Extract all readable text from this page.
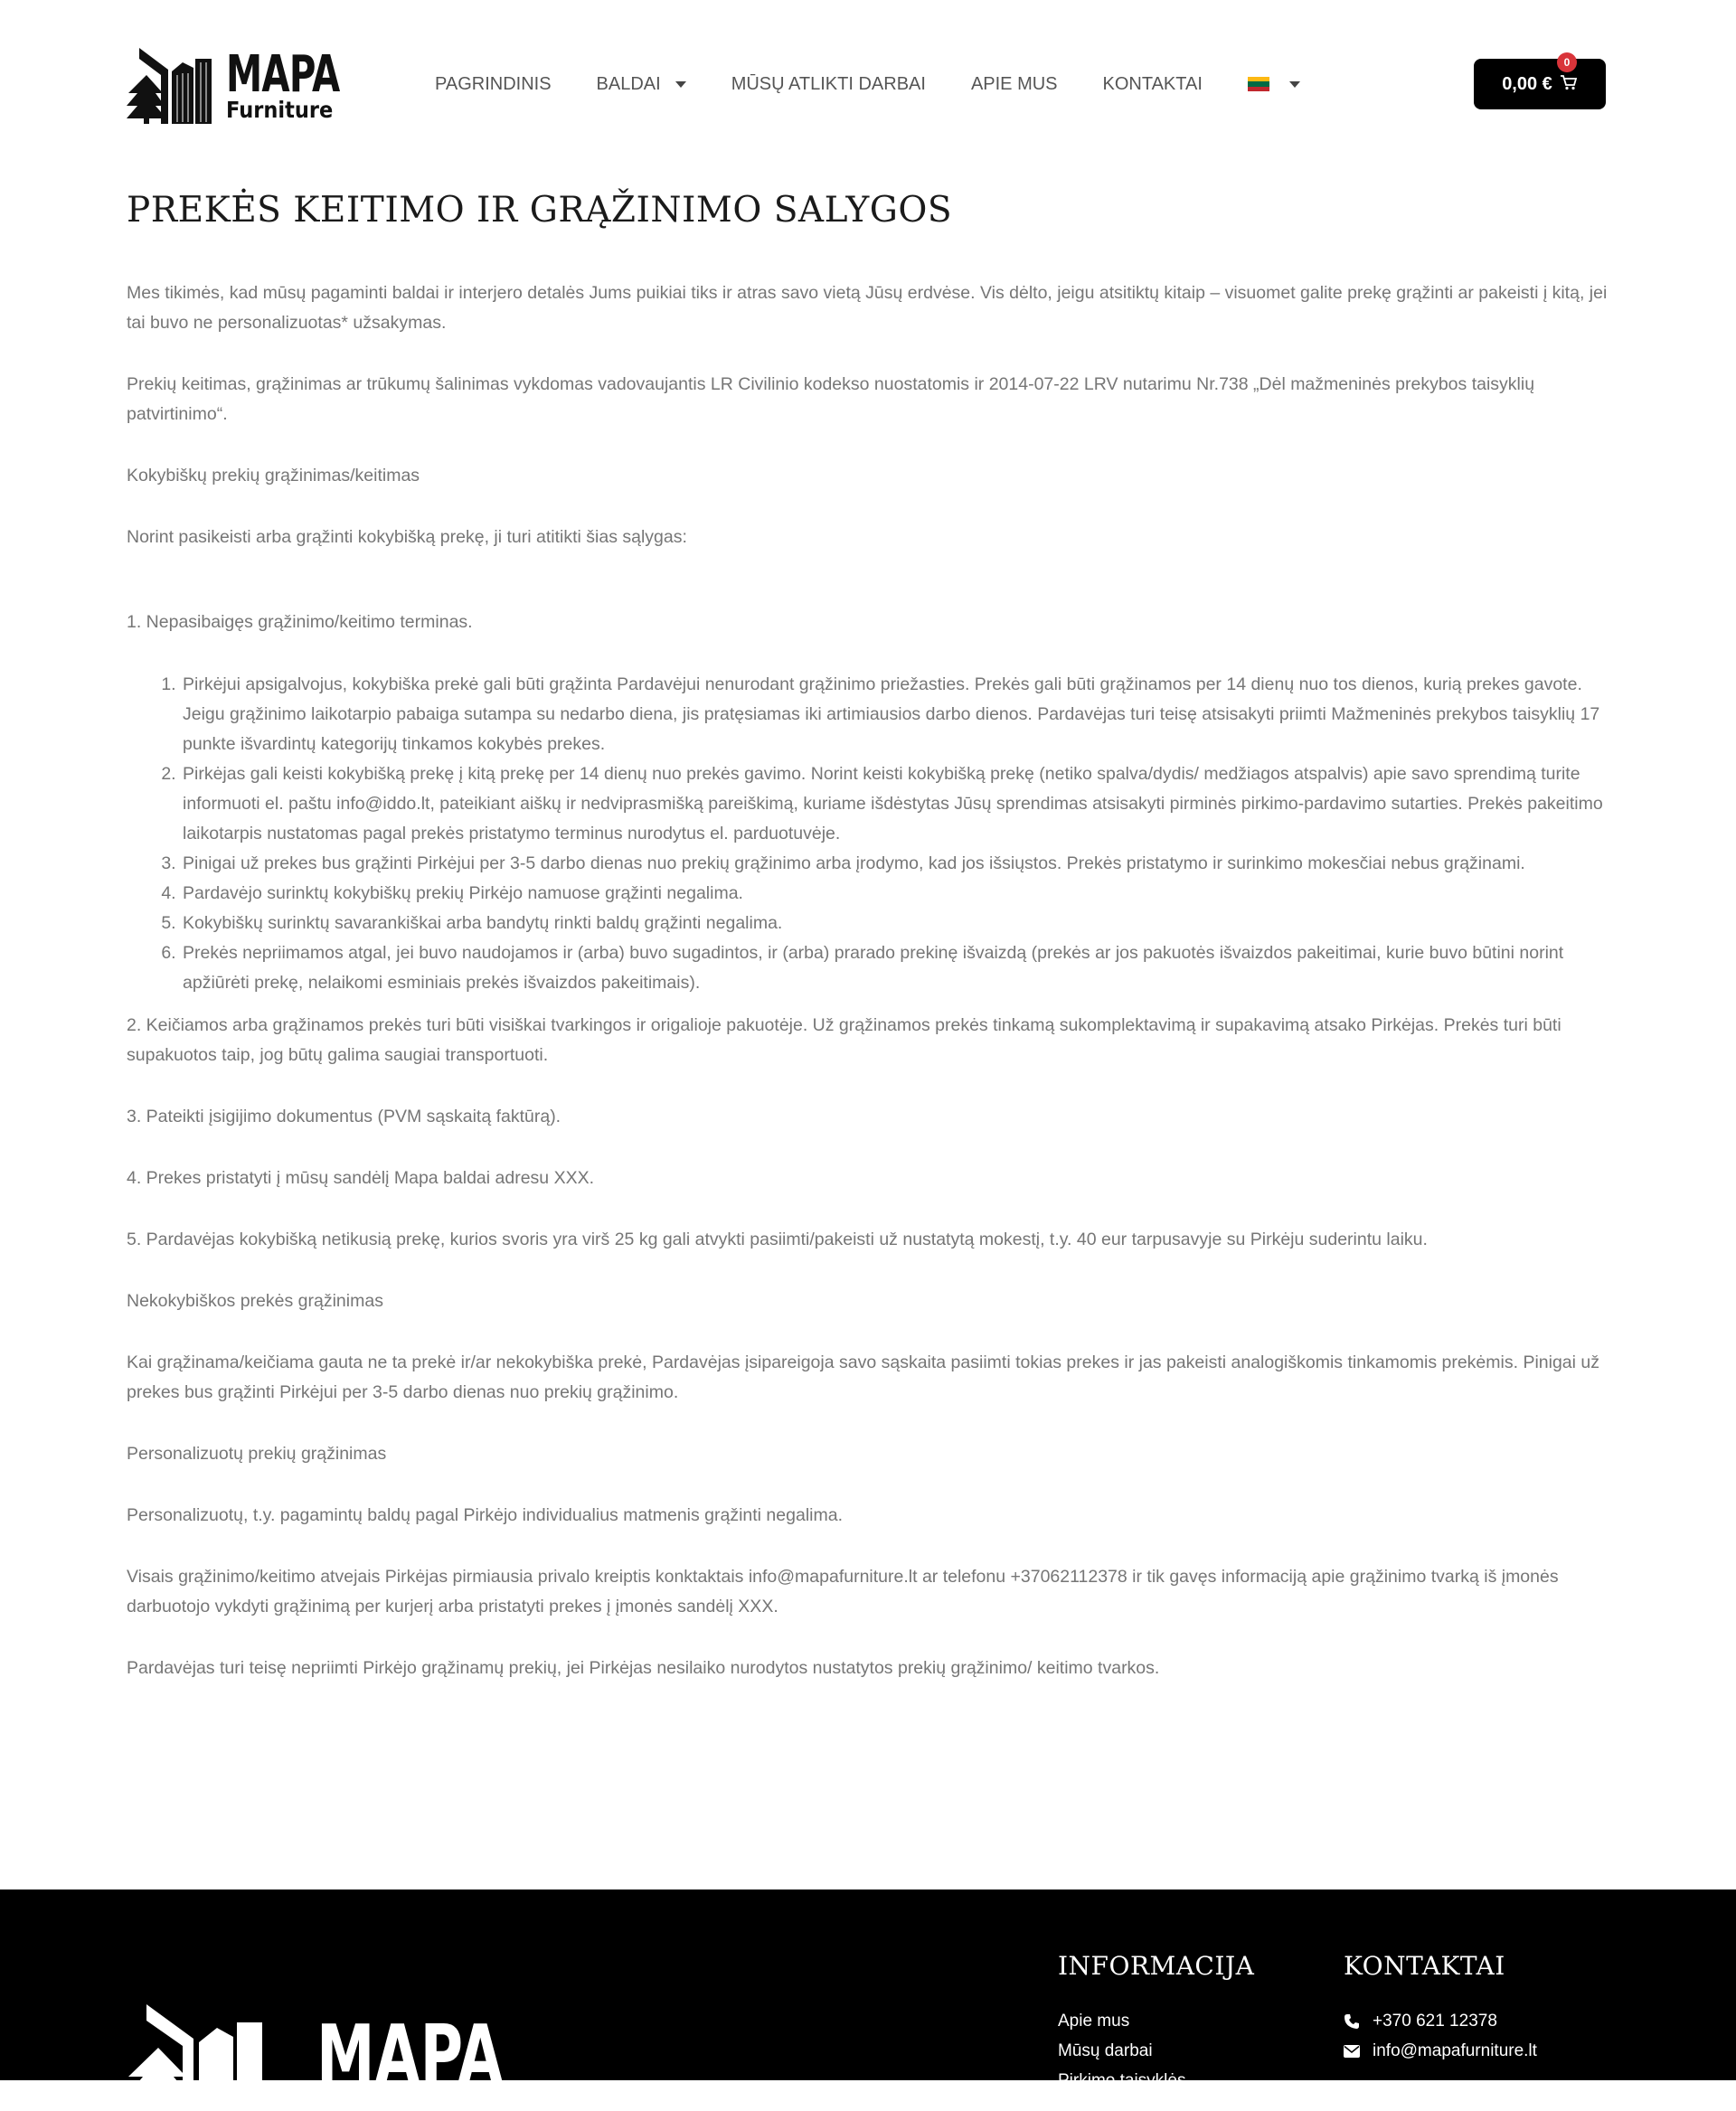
MAPA
Furniture
PAGRINDINIS	BALDAI	MŪSŲ ATLIKTI DARBAI	APIE MUS	KONTAKTAI	0,00 €
0
PREKĖS KEITIMO IR GRĄŽINIMO SALYGOS

Mes tikimės, kad mūsų pagaminti baldai ir interjero detalės Jums puikiai tiks ir atras savo vietą Jūsų erdvėse. Vis dėlto, jeigu atsitiktų kitaip – visuomet galite prekę grąžinti ar pakeisti į kitą, jei tai buvo ne personalizuotas* užsakymas.

Prekių keitimas, grąžinimas ar trūkumų šalinimas vykdomas vadovaujantis LR Civilinio kodekso nuostatomis ir 2014-07-22 LRV nutarimu Nr.738 „Dėl mažmeninės prekybos taisyklių patvirtinimo“.

Kokybiškų prekių grąžinimas/keitimas

Norint pasikeisti arba grąžinti kokybišką prekę, ji turi atitikti šias sąlygas:

1. Nepasibaigęs grąžinimo/keitimo terminas.

1. Pirkėjui apsigalvojus, kokybiška prekė gali būti grąžinta Pardavėjui nenurodant grąžinimo priežasties. Prekės gali būti grąžinamos per 14 dienų nuo tos dienos, kurią prekes gavote. Jeigu grąžinimo laikotarpio pabaiga sutampa su nedarbo diena, jis pratęsiamas iki artimiausios darbo dienos. Pardavėjas turi teisę atsisakyti priimti Mažmeninės prekybos taisyklių 17 punkte išvardintų kategorijų tinkamos kokybės prekes.
2. Pirkėjas gali keisti kokybišką prekę į kitą prekę per 14 dienų nuo prekės gavimo. Norint keisti kokybišką prekę (netiko spalva/dydis/ medžiagos atspalvis) apie savo sprendimą turite informuoti el. paštu info@iddo.lt, pateikiant aiškų ir nedviprasmišką pareiškimą, kuriame išdėstytas Jūsų sprendimas atsisakyti pirminės pirkimo-pardavimo sutarties. Prekės pakeitimo laikotarpis nustatomas pagal prekės pristatymo terminus nurodytus el. parduotuvėje.
3. Pinigai už prekes bus grąžinti Pirkėjui per 3-5 darbo dienas nuo prekių grąžinimo arba įrodymo, kad jos išsiųstos. Prekės pristatymo ir surinkimo mokesčiai nebus grąžinami.
4. Pardavėjo surinktų kokybiškų prekių Pirkėjo namuose grąžinti negalima.
5. Kokybiškų surinktų savarankiškai arba bandytų rinkti baldų grąžinti negalima.
6. Prekės nepriimamos atgal, jei buvo naudojamos ir (arba) buvo sugadintos, ir (arba) prarado prekinę išvaizdą (prekės ar jos pakuotės išvaizdos pakeitimai, kurie buvo būtini norint apžiūrėti prekę, nelaikomi esminiais prekės išvaizdos pakeitimais).

2. Keičiamos arba grąžinamos prekės turi būti visiškai tvarkingos ir origalioje pakuotėje. Už grąžinamos prekės tinkamą sukomplektavimą ir supakavimą atsako Pirkėjas. Prekės turi būti supakuotos taip, jog būtų galima saugiai transportuoti.

3. Pateikti įsigijimo dokumentus (PVM sąskaitą faktūrą).

4. Prekes pristatyti į mūsų sandėlį Mapa baldai adresu XXX.

5. Pardavėjas kokybišką netikusią prekę, kurios svoris yra virš 25 kg gali atvykti pasiimti/pakeisti už nustatytą mokestį, t.y. 40 eur tarpusavyje su Pirkėju suderintu laiku.

Nekokybiškos prekės grąžinimas

Kai grąžinama/keičiama gauta ne ta prekė ir/ar nekokybiška prekė, Pardavėjas įsipareigoja savo sąskaita pasiimti tokias prekes ir jas pakeisti analogiškomis tinkamomis prekėmis. Pinigai už prekes bus grąžinti Pirkėjui per 3-5 darbo dienas nuo prekių grąžinimo.

Personalizuotų prekių grąžinimas

Personalizuotų, t.y. pagamintų baldų pagal Pirkėjo individualius matmenis grąžinti negalima.

Visais grąžinimo/keitimo atvejais Pirkėjas pirmiausia privalo kreiptis konktaktais info@mapafurniture.lt ar telefonu +37062112378 ir tik gavęs informaciją apie grąžinimo tvarką iš įmonės darbuotojo vykdyti grąžinimą per kurjerį arba pristatyti prekes į įmonės sandėlį XXX.

Pardavėjas turi teisę nepriimti Pirkėjo grąžinamų prekių, jei Pirkėjas nesilaiko nurodytos nustatytos prekių grąžinimo/ keitimo tvarkos.

MAPA
INFORMACIJA
Apie mus
Mūsų darbai
Pirkimo taisyklės
KONTAKTAI
+370 621 12378
info@mapafurniture.lt
